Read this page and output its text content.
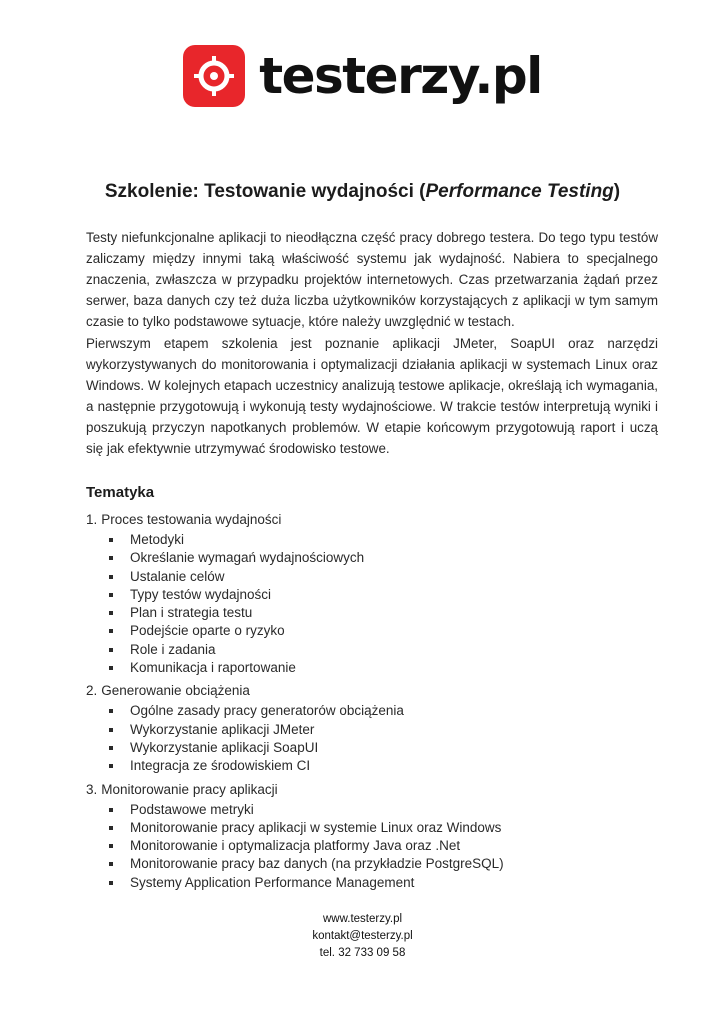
testerzy.pl
Szkolenie: Testowanie wydajności (Performance Testing)

Testy niefunkcjonalne aplikacji to nieodłączna część pracy dobrego testera. Do tego typu testów zaliczamy między innymi taką właściwość systemu jak wydajność. Nabiera to specjalnego znaczenia, zwłaszcza w przypadku projektów internetowych. Czas przetwarzania żądań przez serwer, baza danych czy też duża liczba użytkowników korzystających z aplikacji w tym samym czasie to tylko podstawowe sytuacje, które należy uwzględnić w testach.

Pierwszym etapem szkolenia jest poznanie aplikacji JMeter, SoapUI oraz narzędzi wykorzystywanych do monitorowania i optymalizacji działania aplikacji w systemach Linux oraz Windows. W kolejnych etapach uczestnicy analizują testowe aplikacje, określają ich wymagania, a następnie przygotowują i wykonują testy wydajnościowe. W trakcie testów interpretują wyniki i poszukują przyczyn napotkanych problemów. W etapie końcowym przygotowują raport i uczą się jak efektywnie utrzymywać środowisko testowe.

Tematyka

1. Proces testowania wydajności

Metodyki
Określanie wymagań wydajnościowych
Ustalanie celów
Typy testów wydajności
Plan i strategia testu
Podejście oparte o ryzyko
Role i zadania
Komunikacja i raportowanie

2. Generowanie obciążenia

Ogólne zasady pracy generatorów obciążenia
Wykorzystanie aplikacji JMeter
Wykorzystanie aplikacji SoapUI
Integracja ze środowiskiem CI

3. Monitorowanie pracy aplikacji

Podstawowe metryki
Monitorowanie pracy aplikacji w systemie Linux oraz Windows
Monitorowanie i optymalizacja platformy Java oraz .Net
Monitorowanie pracy baz danych (na przykładzie PostgreSQL)
Systemy Application Performance Management
www.testerzy.pl
kontakt@testerzy.pl
tel. 32 733 09 58
